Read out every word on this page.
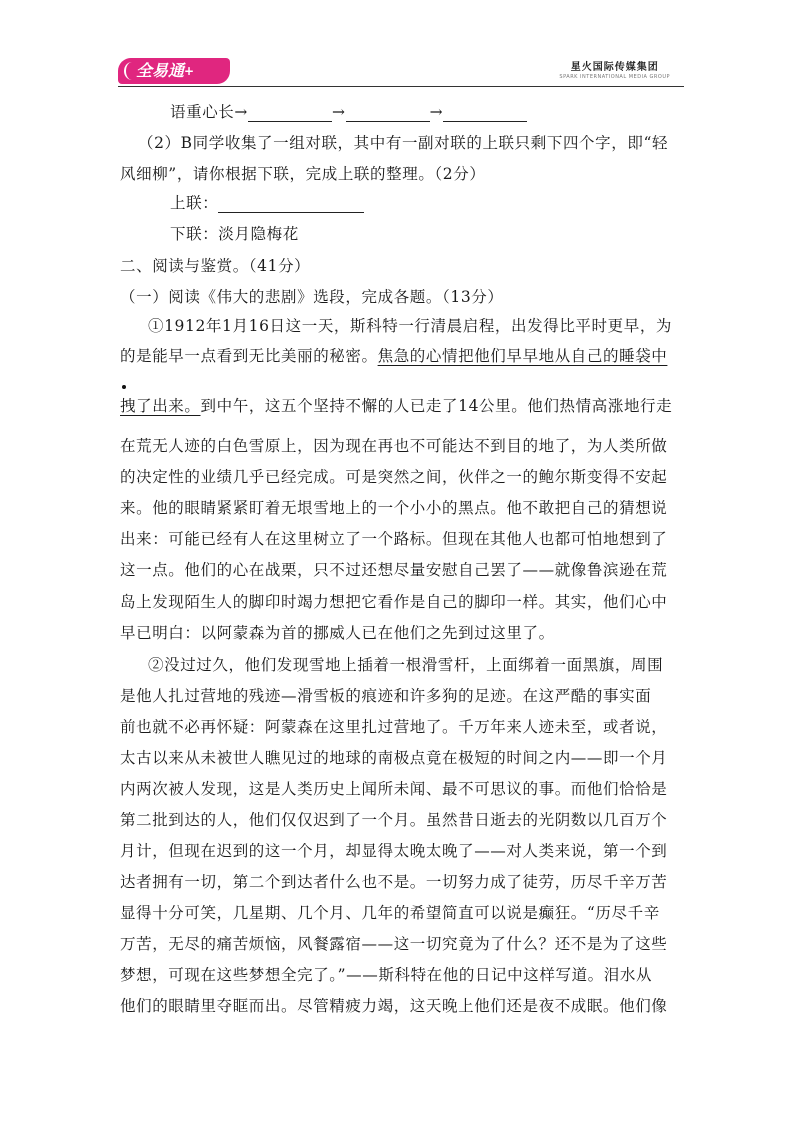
全易通+	星火国际传媒集团
SPARK INTERNATIONAL MEDIA GROUP
语重心长→	→	→
（2）B同学收集了一组对联，其中有一副对联的上联只剩下四个字，即“轻
风细柳”，请你根据下联，完成上联的整理。（2分）
上联：
下联：淡月隐梅花
二、阅读与鉴赏。（41分）
（一）阅读《伟大的悲剧》选段，完成各题。（13分）
①1912年1月16日这一天，斯科特一行清晨启程，出发得比平时更早，为
的是能早一点看到无比美丽的秘密。焦急的心情把他们早早地从自己的睡袋中
拽了出来。到中午，这五个坚持不懈的人已走了14公里。他们热情高涨地行走
在荒无人迹的白色雪原上，因为现在再也不可能达不到目的地了，为人类所做
的决定性的业绩几乎已经完成。可是突然之间，伙伴之一的鲍尔斯变得不安起
来。他的眼睛紧紧盯着无垠雪地上的一个小小的黑点。他不敢把自己的猜想说
出来：可能已经有人在这里树立了一个路标。但现在其他人也都可怕地想到了
这一点。他们的心在战栗，只不过还想尽量安慰自己罢了——就像鲁滨逊在荒
岛上发现陌生人的脚印时竭力想把它看作是自己的脚印一样。其实，他们心中
早已明白：以阿蒙森为首的挪威人已在他们之先到过这里了。
②没过过久，他们发现雪地上插着一根滑雪杆，上面绑着一面黑旗，周围
是他人扎过营地的残迹—滑雪板的痕迹和许多狗的足迹。在这严酷的事实面
前也就不必再怀疑：阿蒙森在这里扎过营地了。千万年来人迹未至，或者说，
太古以来从未被世人瞧见过的地球的南极点竟在极短的时间之内——即一个月
内两次被人发现，这是人类历史上闻所未闻、最不可思议的事。而他们恰恰是
第二批到达的人，他们仅仅迟到了一个月。虽然昔日逝去的光阴数以几百万个
月计，但现在迟到的这一个月，却显得太晚太晚了——对人类来说，第一个到
达者拥有一切，第二个到达者什么也不是。一切努力成了徒劳，历尽千辛万苦
显得十分可笑，几星期、几个月、几年的希望简直可以说是癫狂。“历尽千辛
万苦，无尽的痛苦烦恼，风餐露宿——这一切究竟为了什么？还不是为了这些
梦想，可现在这些梦想全完了。”——斯科特在他的日记中这样写道。泪水从
他们的眼睛里夺眶而出。尽管精疲力竭，这天晚上他们还是夜不成眠。他们像
